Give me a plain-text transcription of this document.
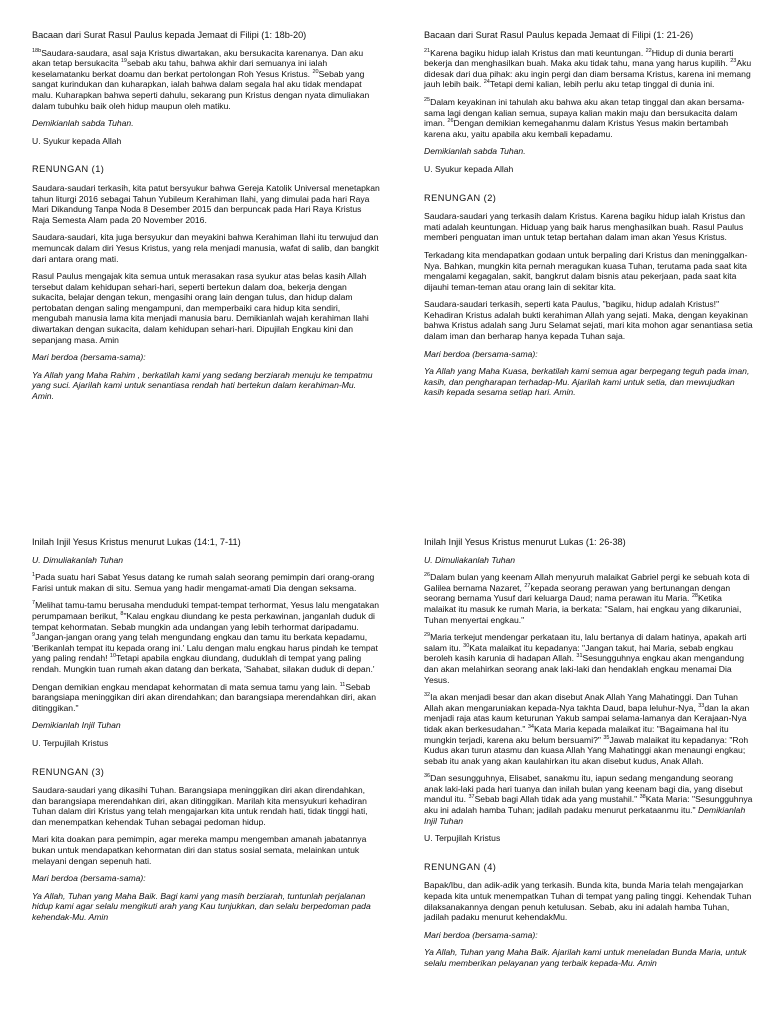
Bacaan dari Surat Rasul Paulus kepada Jemaat di Filipi (1: 18b-20)
$^{18b}$Saudara-saudara, asal saja Kristus diwartakan, aku bersukacita karenanya. Dan aku akan tetap bersukacita $^{19}$sebab aku tahu, bahwa akhir dari semuanya ini ialah keselamatanku berkat doamu dan berkat pertolongan Roh Yesus Kristus. $^{20}$Sebab yang sangat kurindukan dan kuharapkan, ialah bahwa dalam segala hal aku tidak mendapat malu. Kuharapkan bahwa seperti dahulu, sekarang pun Kristus dengan nyata dimuliakan dalam tubuhku baik oleh hidup maupun oleh matiku.
Demikianlah sabda Tuhan.
U. Syukur kepada Allah
RENUNGAN (1)
Saudara-saudari terkasih, kita patut bersyukur bahwa Gereja Katolik Universal menetapkan tahun liturgi 2016 sebagai Tahun Yubileum Kerahiman Ilahi, yang dimulai pada hari Raya Mari Dikandung Tanpa Noda 8 Desember 2015 dan berpuncak pada Hari Raya Kristus Raja Semesta Alam pada 20 November 2016.
Saudara-saudari, kita juga bersyukur dan meyakini bahwa Kerahiman Ilahi itu terwujud dan memuncak dalam diri Yesus Kristus, yang rela menjadi manusia, wafat di salib, dan bangkit dari antara orang mati.
Rasul Paulus mengajak kita semua untuk merasakan rasa syukur atas belas kasih Allah tersebut dalam kehidupan sehari-hari, seperti bertekun dalam doa, bekerja dengan sukacita, belajar dengan tekun, mengasihi orang lain dengan tulus, dan hidup dalam pertobatan dengan saling mengampuni, dan memperbaiki cara hidup kita sendiri, mengubah manusia lama kita menjadi manusia baru. Demikianlah wajah kerahiman Ilahi diwartakan dengan sukacita, dalam kehidupan sehari-hari. Dipujilah Engkau kini dan sepanjang masa. Amin
Mari berdoa (bersama-sama):
Ya Allah yang Maha Rahim , berkatilah kami yang sedang berziarah menuju ke tempatmu yang suci. Ajarilah kami untuk senantiasa rendah hati bertekun dalam kerahiman-Mu. Amin.
Bacaan dari Surat Rasul Paulus kepada Jemaat di Filipi (1: 21-26)
$^{21}$Karena bagiku hidup ialah Kristus dan mati keuntungan. $^{22}$Hidup di dunia berarti bekerja dan menghasilkan buah. Maka aku tidak tahu, mana yang harus kupilih. $^{23}$Aku didesak dari dua pihak: aku ingin pergi dan diam bersama Kristus, karena ini memang jauh lebih baik. $^{24}$Tetapi demi kalian, lebih perlu aku tetap tinggal di dunia ini.
$^{25}$Dalam keyakinan ini tahulah aku bahwa aku akan tetap tinggal dan akan bersama-sama lagi dengan kalian semua, supaya kalian makin maju dan bersukacita dalam iman. $^{26}$Dengan demikian kemegahanmu dalam Kristus Yesus makin bertambah karena aku, yaitu apabila aku kembali kepadamu.
Demikianlah sabda Tuhan.
U. Syukur kepada Allah
RENUNGAN (2)
Saudara-saudari yang terkasih dalam Kristus. Karena bagiku hidup ialah Kristus dan mati adalah keuntungan. Hiduap yang baik harus menghasilkan buah. Rasul Paulus memberi penguatan iman untuk tetap bertahan dalam iman akan Yesus Kristus.
Terkadang kita mendapatkan godaan untuk berpaling dari Kristus dan meninggalkan-Nya. Bahkan, mungkin kita pernah meragukan kuasa Tuhan, terutama pada saat kita mengalami kegagalan, sakit, bangkrut dalam bisnis atau pekerjaan, pada saat kita dijauhi teman-teman atau orang lain di sekitar kita.
Saudara-saudari terkasih, seperti kata Paulus, "bagiku, hidup adalah Kristus!" Kehadiran Kristus adalah bukti kerahiman Allah yang sejati. Maka, dengan keyakinan bahwa Kristus adalah sang Juru Selamat sejati, mari kita mohon agar senantiasa setia dalam iman dan berharap hanya kepada Tuhan saja.
Mari berdoa (bersama-sama):
Ya Allah yang Maha Kuasa, berkatilah kami semua agar berpegang teguh pada iman, kasih, dan pengharapan terhadap-Mu. Ajarilah kami untuk setia, dan mewujudkan kasih kepada sesama setiap hari. Amin.
Inilah Injil Yesus Kristus menurut Lukas (14:1, 7-11)
U. Dimuliakanlah Tuhan
$^1$Pada suatu hari Sabat Yesus datang ke rumah salah seorang pemimpin dari orang-orang Farisi untuk makan di situ. Semua yang hadir mengamat-amati Dia dengan seksama.
$^7$Melihat tamu-tamu berusaha menduduki tempat-tempat terhormat, Yesus lalu mengatakan perumpamaan berikut, $^8$"Kalau engkau diundang ke pesta perkawinan, janganlah duduk di tempat kehormatan. Sebab mungkin ada undangan yang lebih terhormat daripadamu. $^9$Jangan-jangan orang yang telah mengundang engkau dan tamu itu berkata kepadamu, 'Berikanlah tempat itu kepada orang ini.' Lalu dengan malu engkau harus pindah ke tempat yang paling rendah! $^{10}$Tetapi apabila engkau diundang, duduklah di tempat yang paling rendah. Mungkin tuan rumah akan datang dan berkata, 'Sahabat, silakan duduk di depan.'
Dengan demikian engkau mendapat kehormatan di mata semua tamu yang lain. $^{11}$Sebab barangsiapa meninggikan diri akan direndahkan; dan barangsiapa merendahkan diri, akan ditinggikan."
Demikianlah Injil Tuhan
U. Terpujilah Kristus
RENUNGAN (3)
Saudara-saudari yang dikasihi Tuhan. Barangsiapa meninggikan diri akan direndahkan, dan barangsiapa merendahkan diri, akan ditinggikan. Marilah kita mensyukuri kehadiran Tuhan dalam diri Kristus yang telah mengajarkan kita untuk rendah hati, tidak tinggi hati, dan menempatkan kehendak Tuhan sebagai pedoman hidup.
Mari kita doakan para pemimpin, agar mereka mampu mengemban amanah jabatannya bukan untuk mendapatkan kehormatan diri dan status sosial semata, melainkan untuk melayani dengan sepenuh hati.
Mari berdoa (bersama-sama):
Ya Allah, Tuhan yang Maha Baik. Bagi kami yang masih berziarah, tuntunlah perjalanan hidup kami agar selalu mengikuti arah yang Kau tunjukkan, dan selalu berpedoman pada kehendak-Mu. Amin
Inilah Injil Yesus Kristus menurut Lukas (1: 26-38)
U. Dimuliakanlah Tuhan
$^{26}$Dalam bulan yang keenam Allah menyuruh malaikat Gabriel pergi ke sebuah kota di Galilea bernama Nazaret, $^{27}$kepada seorang perawan yang bertunangan dengan seorang bernama Yusuf dari keluarga Daud; nama perawan itu Maria. $^{28}$Ketika malaikat itu masuk ke rumah Maria, ia berkata: "Salam, hai engkau yang dikaruniai, Tuhan menyertai engkau."
$^{29}$Maria terkejut mendengar perkataan itu, lalu bertanya di dalam hatinya, apakah arti salam itu. $^{30}$Kata malaikat itu kepadanya: "Jangan takut, hai Maria, sebab engkau beroleh kasih karunia di hadapan Allah. $^{31}$Sesungguhnya engkau akan mengandung dan akan melahirkan seorang anak laki-laki dan hendaklah engkau menamai Dia Yesus.
$^{32}$Ia akan menjadi besar dan akan disebut Anak Allah Yang Mahatinggi. Dan Tuhan Allah akan mengaruniakan kepada-Nya takhta Daud, bapa leluhur-Nya, $^{33}$dan Ia akan menjadi raja atas kaum keturunan Yakub sampai selama-lamanya dan Kerajaan-Nya tidak akan berkesudahan." $^{34}$Kata Maria kepada malaikat itu: "Bagaimana hal itu mungkin terjadi, karena aku belum bersuami?" $^{35}$Jawab malaikat itu kepadanya: "Roh Kudus akan turun atasmu dan kuasa Allah Yang Mahatinggi akan menaungi engkau; sebab itu anak yang akan kaulahirkan itu akan disebut kudus, Anak Allah.
$^{36}$Dan sesungguhnya, Elisabet, sanakmu itu, iapun sedang mengandung seorang anak laki-laki pada hari tuanya dan inilah bulan yang keenam bagi dia, yang disebut mandul itu. $^{37}$Sebab bagi Allah tidak ada yang mustahil." $^{38}$Kata Maria: "Sesungguhnya aku ini adalah hamba Tuhan; jadilah padaku menurut perkataanmu itu." Demikianlah Injil Tuhan
U. Terpujilah Kristus
RENUNGAN (4)
Bapak/Ibu, dan adik-adik yang terkasih. Bunda kita, bunda Maria telah mengajarkan kepada kita untuk menempatkan Tuhan di tempat yang paling tinggi. Kehendak Tuhan dilaksanakannya dengan penuh ketulusan. Sebab, aku ini adalah hamba Tuhan, jadilah padaku menurut kehendakMu.
Mari berdoa (bersama-sama):
Ya Allah, Tuhan yang Maha Baik. Ajarilah kami untuk meneladan Bunda Maria, untuk selalu memberikan pelayanan yang terbaik kepada-Mu. Amin
